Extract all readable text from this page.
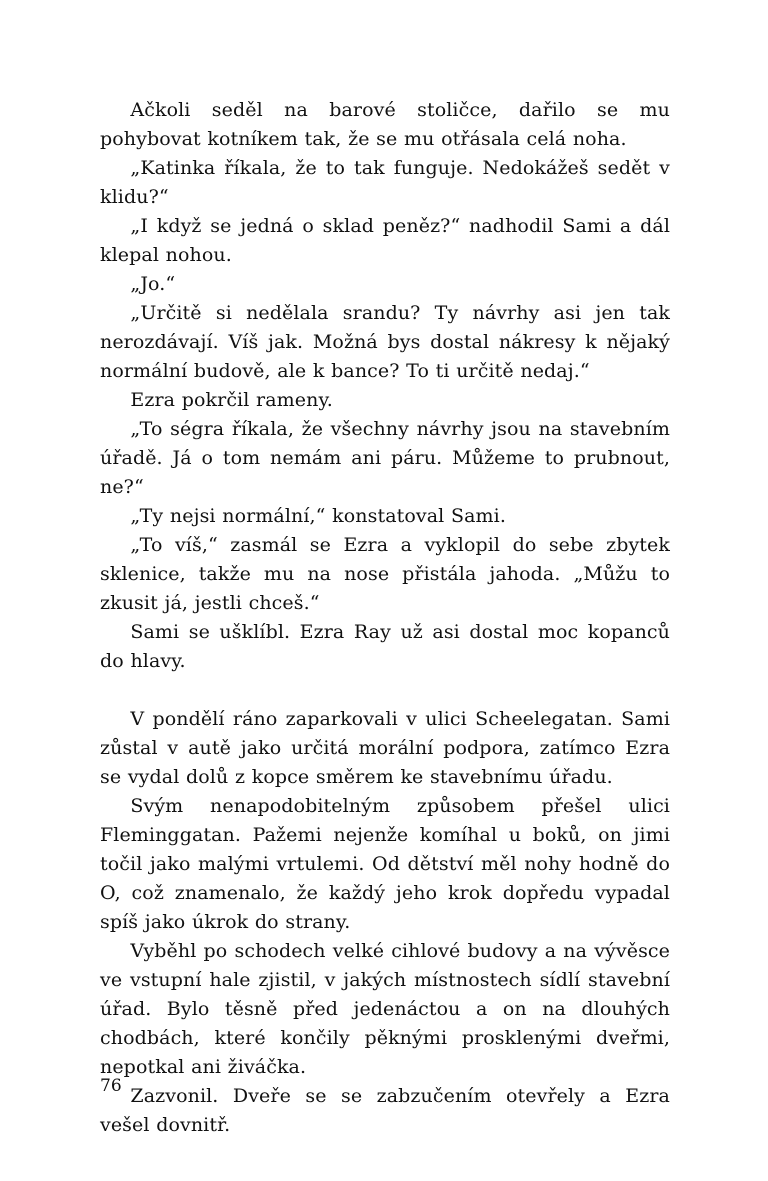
Ačkoli seděl na barové stoličce, dařilo se mu pohybovat kotníkem tak, že se mu otřásala celá noha.

„Katinka říkala, že to tak funguje. Nedokážeš sedět v klidu?“

„I když se jedná o sklad peněz?“ nadhodil Sami a dál klepal nohou.

„Jo.“

„Určitě si nedělala srandu? Ty návrhy asi jen tak nerozdávají. Víš jak. Možná bys dostal nákresy k nějaký normální budově, ale k bance? To ti určitě nedaj.“

Ezra pokrčil rameny.

„To ségra říkala, že všechny návrhy jsou na stavebním úřadě. Já o tom nemám ani páru. Můžeme to prubnout, ne?“

„Ty nejsi normální,“ konstatoval Sami.

„To víš,“ zasmál se Ezra a vyklopil do sebe zbytek sklenice, takže mu na nose přistála jahoda. „Můžu to zkusit já, jestli chceš.“

Sami se ušklíbl. Ezra Ray už asi dostal moc kopanců do hlavy.

V pondělí ráno zaparkovali v ulici Scheelegatan. Sami zůstal v autě jako určitá morální podpora, zatímco Ezra se vydal dolů z kopce směrem ke stavebnímu úřadu.

Svým nenapodobitelným způsobem přešel ulici Fleminggatan. Pažemi nejenže komíhal u boků, on jimi točil jako malými vrtulemi. Od dětství měl nohy hodně do O, což znamenalo, že každý jeho krok dopředu vypadal spíš jako úkrok do strany.

Vyběhl po schodech velké cihlové budovy a na vývěsce ve vstupní hale zjistil, v jakých místnostech sídlí stavební úřad. Bylo těsně před jedenáctou a on na dlouhých chodbách, které končily pěknými prosklenými dveřmi, nepotkal ani živáčka.

Zazvonil. Dveře se se zabzučením otevřely a Ezra vešel dovnitř.

76
